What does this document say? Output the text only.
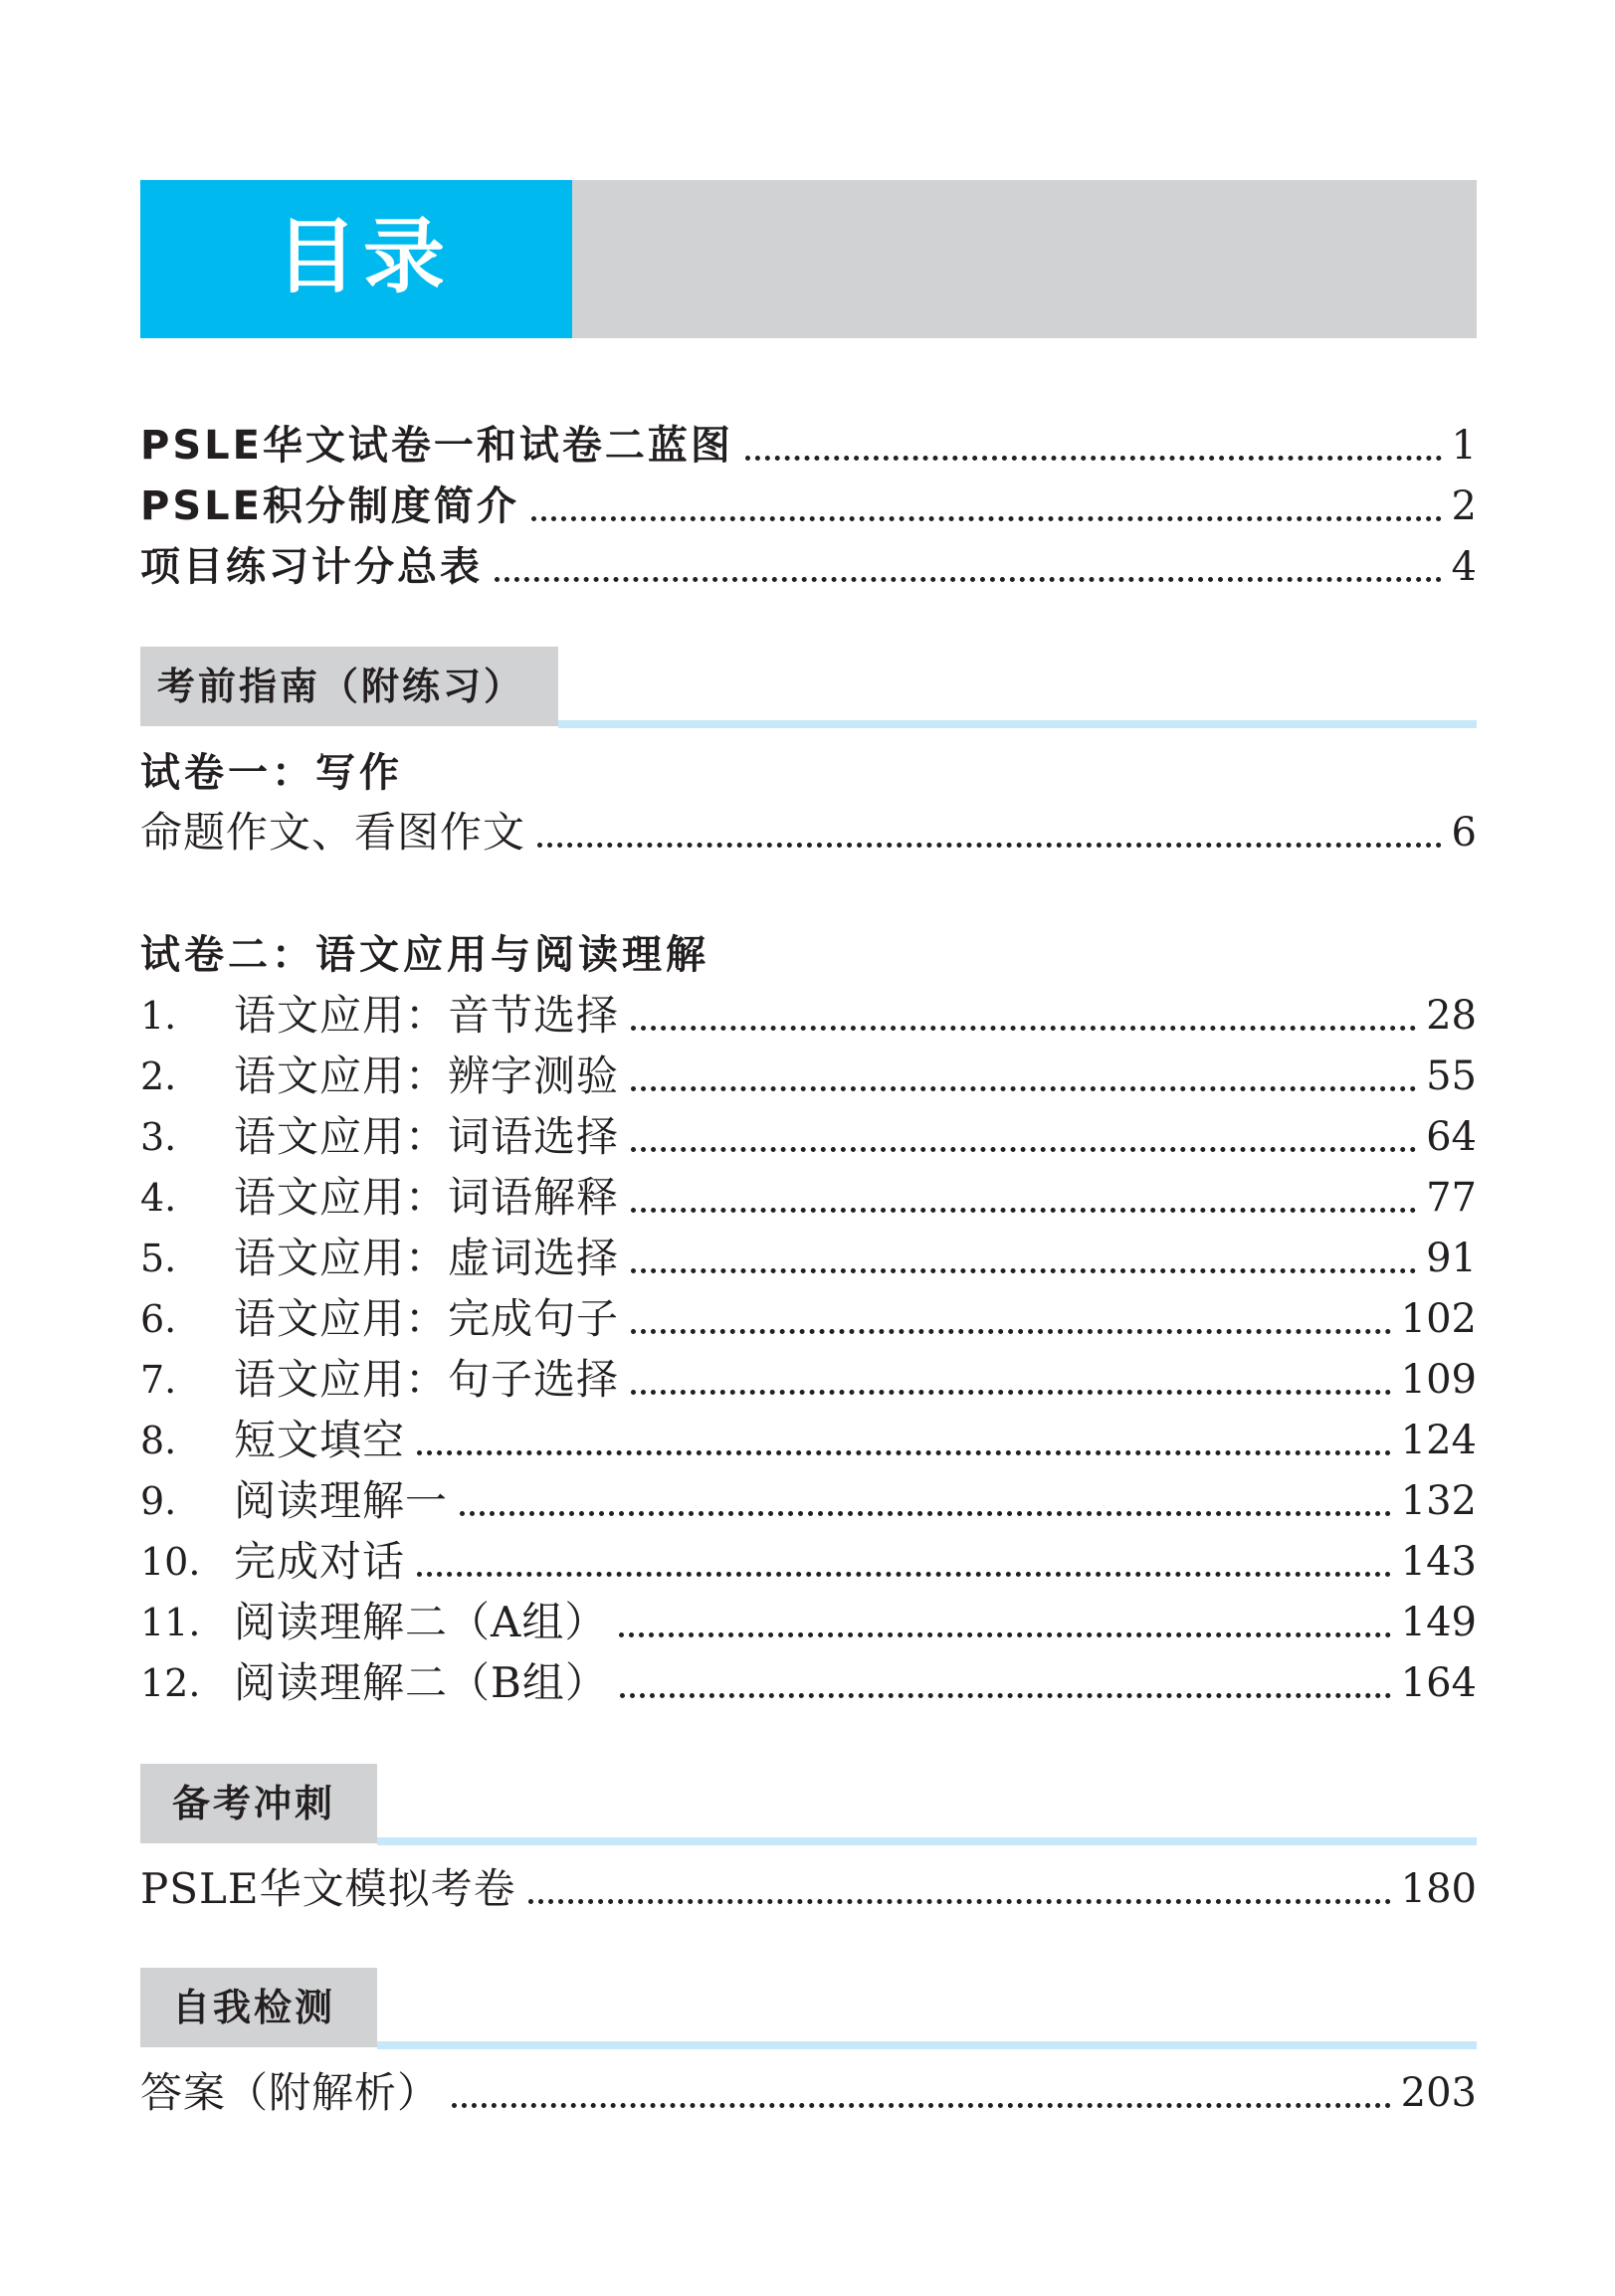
目录
PSLE华文试卷一和试卷二蓝图	1
PSLE积分制度简介	2
项目练习计分总表	4
考前指南（附练习）
试卷一：写作
命题作文、看图作文	6
试卷二：语文应用与阅读理解
1.	语文应用：音节选择	28
2.	语文应用：辨字测验	55
3.	语文应用：词语选择	64
4.	语文应用：词语解释	77
5.	语文应用：虚词选择	91
6.	语文应用：完成句子	102
7.	语文应用：句子选择	109
8.	短文填空	124
9.	阅读理解一	132
10. 完成对话	143
11. 阅读理解二（A组）	149
12. 阅读理解二（B组）	164
备考冲刺
PSLE华文模拟考卷	180
自我检测
答案（附解析）	203
